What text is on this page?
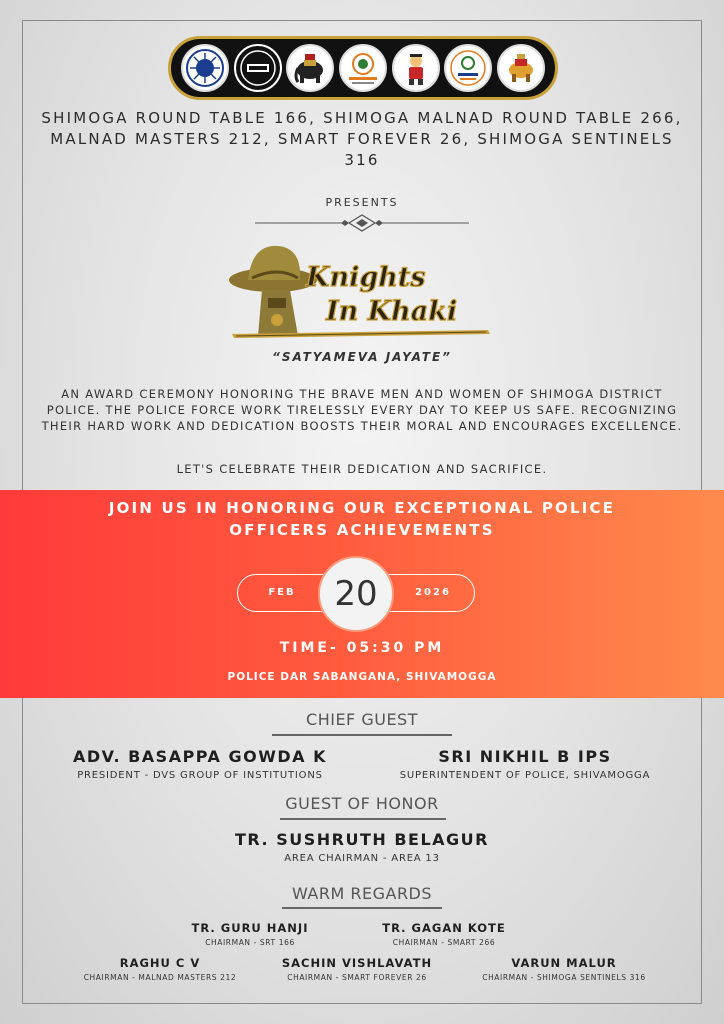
SHIMOGA ROUND TABLE 166, SHIMOGA MALNAD ROUND TABLE 266, MALNAD MASTERS 212, SMART FOREVER 26, SHIMOGA SENTINELS 316

PRESENTS
Knights
In Khaki
“SATYAMEVA JAYATE”

AN AWARD CEREMONY HONORING THE BRAVE MEN AND WOMEN OF SHIMOGA DISTRICT POLICE. THE POLICE FORCE WORK TIRELESSLY EVERY DAY TO KEEP US SAFE. RECOGNIZING THEIR HARD WORK AND DEDICATION BOOSTS THEIR MORAL AND ENCOURAGES EXCELLENCE.

LET'S CELEBRATE THEIR DEDICATION AND SACRIFICE.
JOIN US IN HONORING OUR EXCEPTIONAL POLICE OFFICERS ACHIEVEMENTS
FEB	2026
20
TIME- 05:30 PM
POLICE DAR SABANGANA, SHIVAMOGGA
CHIEF GUEST
ADV. BASAPPA GOWDA K
PRESIDENT - DVS GROUP OF INSTITUTIONS
SRI NIKHIL B IPS
SUPERINTENDENT OF POLICE, SHIVAMOGGA
GUEST OF HONOR
TR. SUSHRUTH BELAGUR
AREA CHAIRMAN - AREA 13
WARM REGARDS
TR. GURU HANJI
CHAIRMAN - SRT 166
TR. GAGAN KOTE
CHAIRMAN - SMART 266
RAGHU C V
CHAIRMAN - MALNAD MASTERS 212
SACHIN VISHLAVATH
CHAIRMAN - SMART FOREVER 26
VARUN MALUR
CHAIRMAN - SHIMOGA SENTINELS 316
